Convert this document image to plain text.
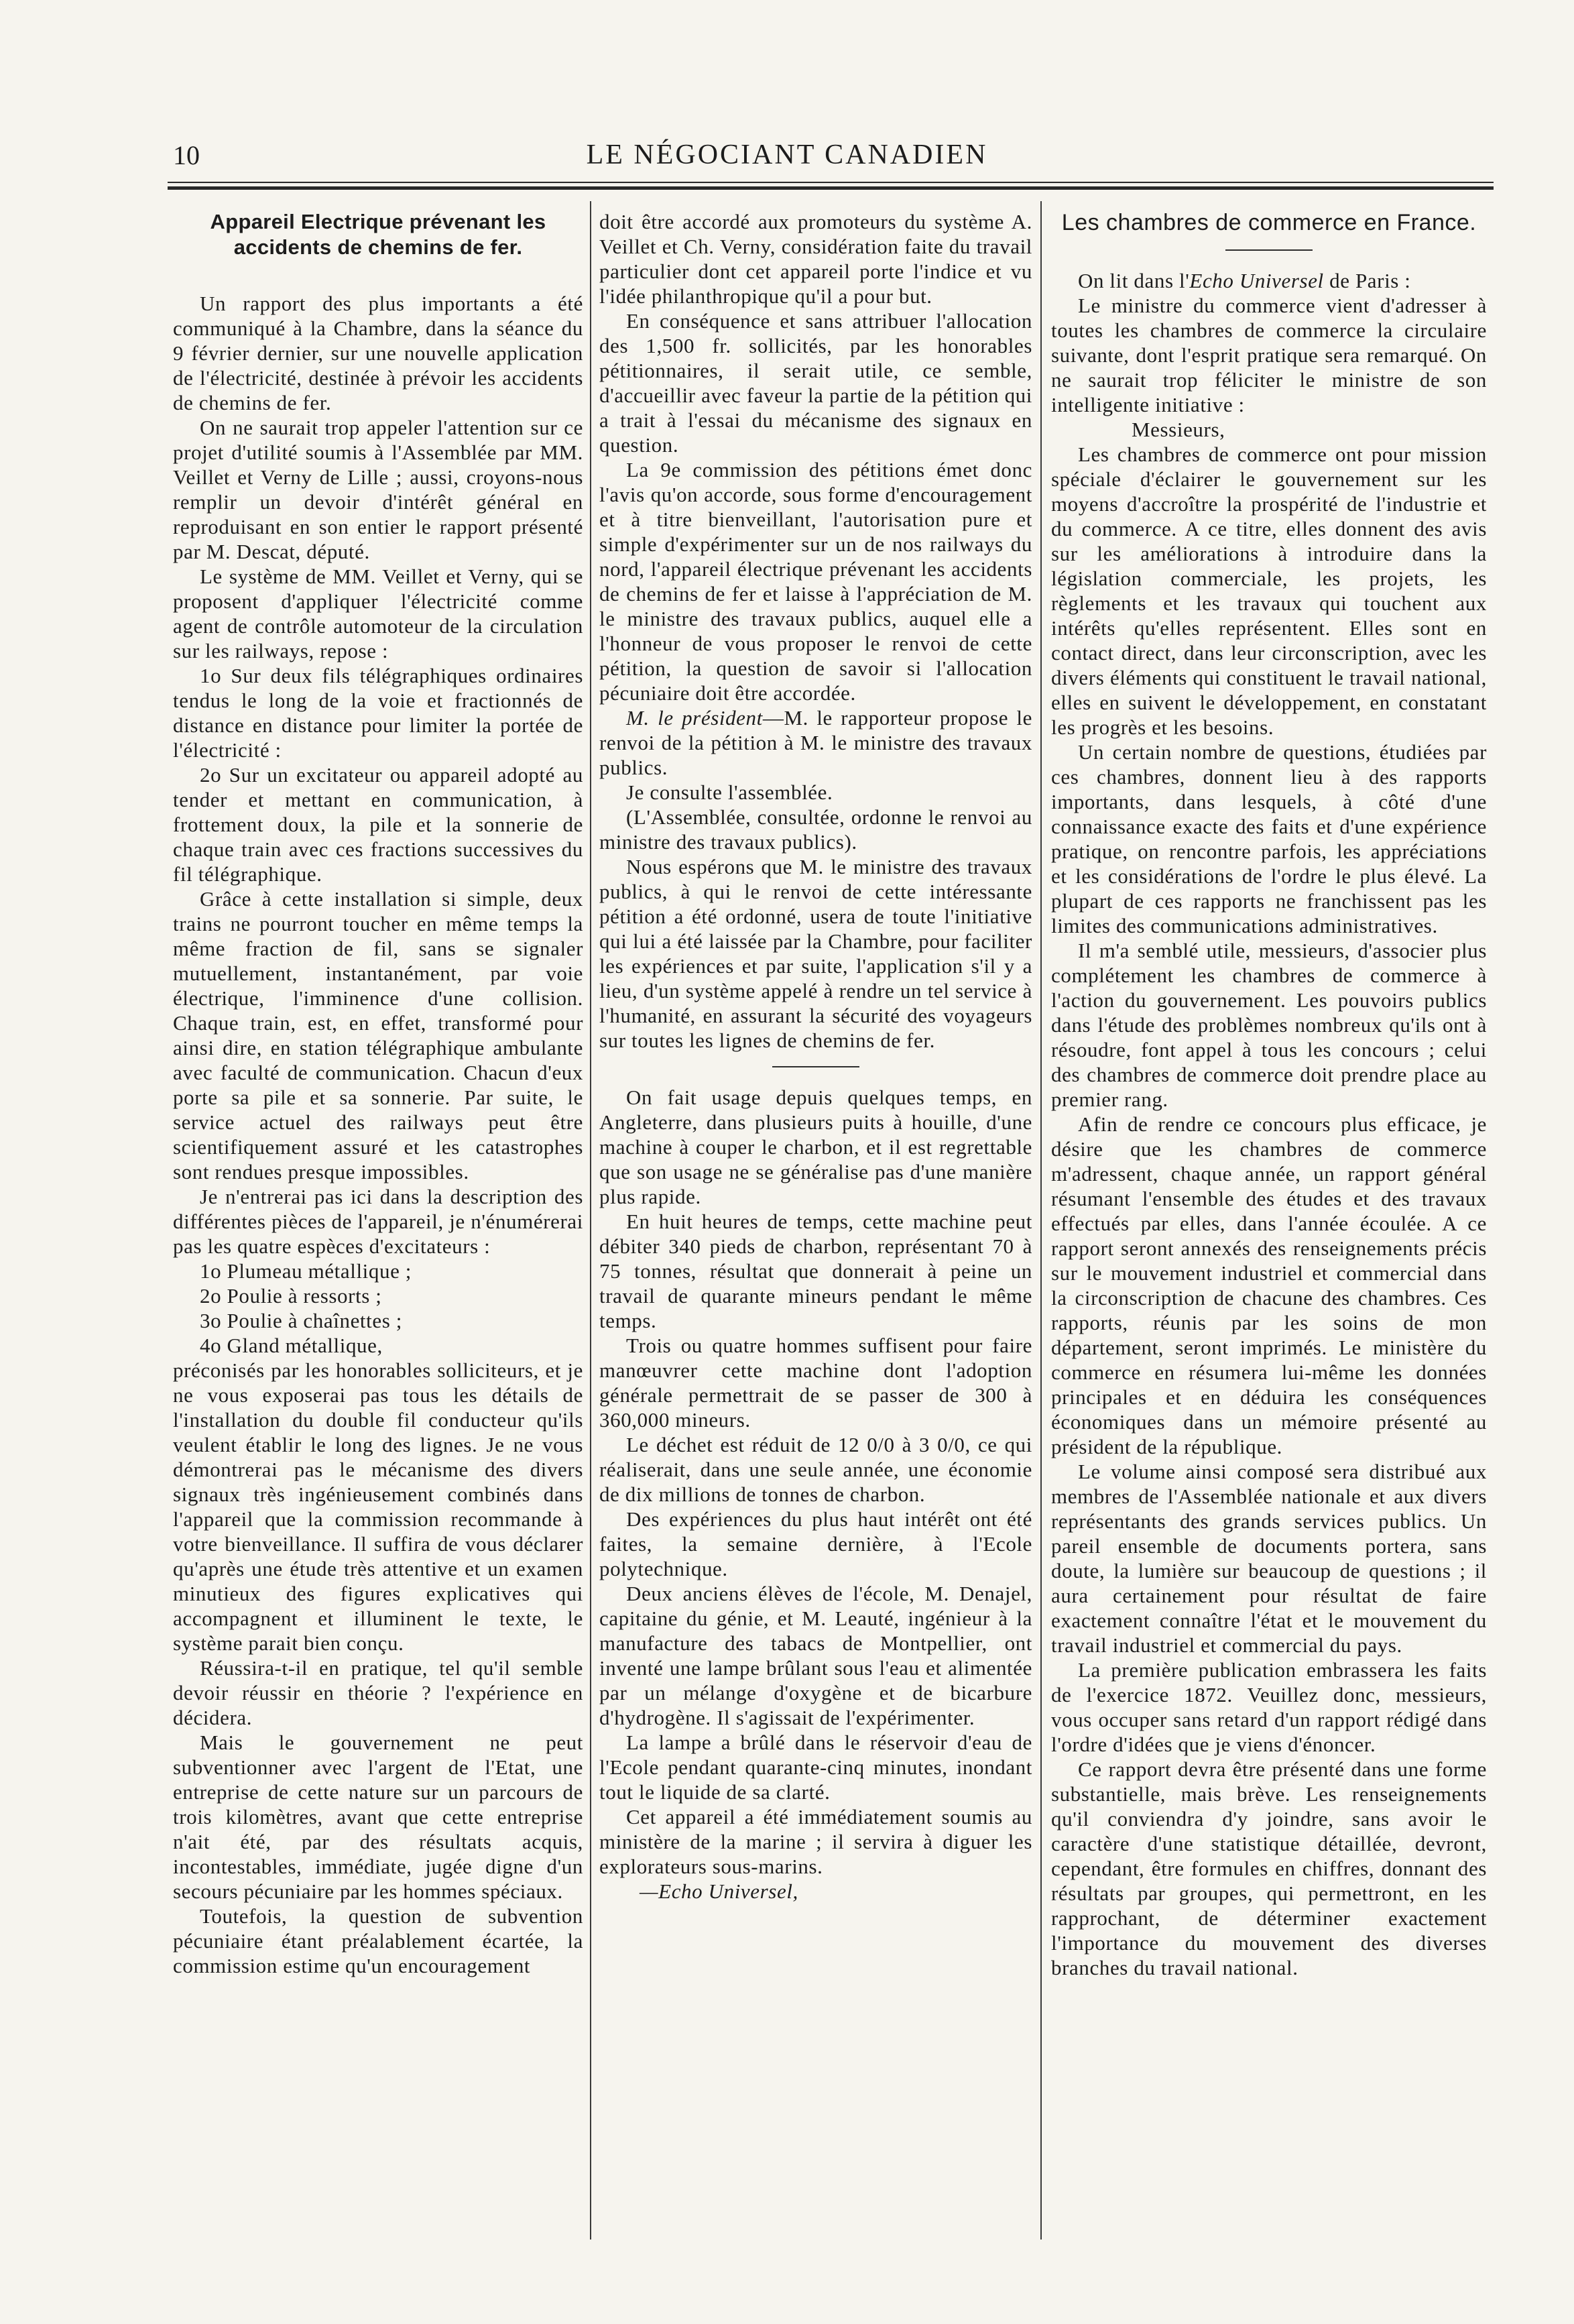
10	LE NÉGOCIANT CANADIEN
Appareil Electrique prévenant les accidents de chemins de fer.

Un rapport des plus importants a été communiqué à la Chambre, dans la séance du 9 février dernier, sur une nouvelle application de l'électricité, destinée à prévoir les accidents de chemins de fer.

On ne saurait trop appeler l'attention sur ce projet d'utilité soumis à l'Assemblée par MM. Veillet et Verny de Lille ; aussi, croyons-nous remplir un devoir d'intérêt général en reproduisant en son entier le rapport présenté par M. Descat, député.

Le système de MM. Veillet et Verny, qui se proposent d'appliquer l'électricité comme agent de contrôle automoteur de la circulation sur les railways, repose :

1o Sur deux fils télégraphiques ordinaires tendus le long de la voie et fractionnés de distance en distance pour limiter la portée de l'électricité :

2o Sur un excitateur ou appareil adopté au tender et mettant en communication, à frottement doux, la pile et la sonnerie de chaque train avec ces fractions successives du fil télégraphique.

Grâce à cette installation si simple, deux trains ne pourront toucher en même temps la même fraction de fil, sans se signaler mutuellement, instantanément, par voie électrique, l'imminence d'une collision. Chaque train, est, en effet, transformé pour ainsi dire, en station télégraphique ambulante avec faculté de communication. Chacun d'eux porte sa pile et sa sonnerie. Par suite, le service actuel des railways peut être scientifiquement assuré et les catastrophes sont rendues presque impossibles.

Je n'entrerai pas ici dans la description des différentes pièces de l'appareil, je n'énumérerai pas les quatre espèces d'excitateurs :

1o Plumeau métallique ;

2o Poulie à ressorts ;

3o Poulie à chaînettes ;

4o Gland métallique,

préconisés par les honorables solliciteurs, et je ne vous exposerai pas tous les détails de l'installation du double fil conducteur qu'ils veulent établir le long des lignes. Je ne vous démontrerai pas le mécanisme des divers signaux très ingénieusement combinés dans l'appareil que la commission recommande à votre bienveillance. Il suffira de vous déclarer qu'après une étude très attentive et un examen minutieux des figures explicatives qui accompagnent et illuminent le texte, le système parait bien conçu.

Réussira-t-il en pratique, tel qu'il semble devoir réussir en théorie ? l'expérience en décidera.

Mais le gouvernement ne peut subventionner avec l'argent de l'Etat, une entreprise de cette nature sur un parcours de trois kilomètres, avant que cette entreprise n'ait été, par des résultats acquis, incontestables, immédiate, jugée digne d'un secours pécuniaire par les hommes spéciaux.

Toutefois, la question de subvention pécuniaire étant préalablement écartée, la commission estime qu'un encouragement

doit être accordé aux promoteurs du système A. Veillet et Ch. Verny, considération faite du travail particulier dont cet appareil porte l'indice et vu l'idée philanthropique qu'il a pour but.

En conséquence et sans attribuer l'allocation des 1,500 fr. sollicités, par les honorables pétitionnaires, il serait utile, ce semble, d'accueillir avec faveur la partie de la pétition qui a trait à l'essai du mécanisme des signaux en question.

La 9e commission des pétitions émet donc l'avis qu'on accorde, sous forme d'encouragement et à titre bienveillant, l'autorisation pure et simple d'expérimenter sur un de nos railways du nord, l'appareil électrique prévenant les accidents de chemins de fer et laisse à l'appréciation de M. le ministre des travaux publics, auquel elle a l'honneur de vous proposer le renvoi de cette pétition, la question de savoir si l'allocation pécuniaire doit être accordée.

M. le président—M. le rapporteur propose le renvoi de la pétition à M. le ministre des travaux publics.

Je consulte l'assemblée.

(L'Assemblée, consultée, ordonne le renvoi au ministre des travaux publics).

Nous espérons que M. le ministre des travaux publics, à qui le renvoi de cette intéressante pétition a été ordonné, usera de toute l'initiative qui lui a été laissée par la Chambre, pour faciliter les expériences et par suite, l'application s'il y a lieu, d'un système appelé à rendre un tel service à l'humanité, en assurant la sécurité des voyageurs sur toutes les lignes de chemins de fer.

On fait usage depuis quelques temps, en Angleterre, dans plusieurs puits à houille, d'une machine à couper le charbon, et il est regrettable que son usage ne se généralise pas d'une manière plus rapide.

En huit heures de temps, cette machine peut débiter 340 pieds de charbon, représentant 70 à 75 tonnes, résultat que donnerait à peine un travail de quarante mineurs pendant le même temps.

Trois ou quatre hommes suffisent pour faire manœuvrer cette machine dont l'adoption générale permettrait de se passer de 300 à 360,000 mineurs.

Le déchet est réduit de 12 0/0 à 3 0/0, ce qui réaliserait, dans une seule année, une économie de dix millions de tonnes de charbon.

Des expériences du plus haut intérêt ont été faites, la semaine dernière, à l'Ecole polytechnique.

Deux anciens élèves de l'école, M. Denajel, capitaine du génie, et M. Leauté, ingénieur à la manufacture des tabacs de Montpellier, ont inventé une lampe brûlant sous l'eau et alimentée par un mélange d'oxygène et de bicarbure d'hydrogène. Il s'agissait de l'expérimenter.

La lampe a brûlé dans le réservoir d'eau de l'Ecole pendant quarante-cinq minutes, inondant tout le liquide de sa clarté.

Cet appareil a été immédiatement soumis au ministère de la marine ; il servira à diguer les explorateurs sous-marins.

—Echo Universel,

Les chambres de commerce en France.

On lit dans l'Echo Universel de Paris :

Le ministre du commerce vient d'adresser à toutes les chambres de commerce la circulaire suivante, dont l'esprit pratique sera remarqué. On ne saurait trop féliciter le ministre de son intelligente initiative :

Messieurs,

Les chambres de commerce ont pour mission spéciale d'éclairer le gouvernement sur les moyens d'accroître la prospérité de l'industrie et du commerce. A ce titre, elles donnent des avis sur les améliorations à introduire dans la législation commerciale, les projets, les règlements et les travaux qui touchent aux intérêts qu'elles représentent. Elles sont en contact direct, dans leur circonscription, avec les divers éléments qui constituent le travail national, elles en suivent le développement, en constatant les progrès et les besoins.

Un certain nombre de questions, étudiées par ces chambres, donnent lieu à des rapports importants, dans lesquels, à côté d'une connaissance exacte des faits et d'une expérience pratique, on rencontre parfois, les appréciations et les considérations de l'ordre le plus élevé. La plupart de ces rapports ne franchissent pas les limites des communications administratives.

Il m'a semblé utile, messieurs, d'associer plus complétement les chambres de commerce à l'action du gouvernement. Les pouvoirs publics dans l'étude des problèmes nombreux qu'ils ont à résoudre, font appel à tous les concours ; celui des chambres de commerce doit prendre place au premier rang.

Afin de rendre ce concours plus efficace, je désire que les chambres de commerce m'adressent, chaque année, un rapport général résumant l'ensemble des études et des travaux effectués par elles, dans l'année écoulée. A ce rapport seront annexés des renseignements précis sur le mouvement industriel et commercial dans la circonscription de chacune des chambres. Ces rapports, réunis par les soins de mon département, seront imprimés. Le ministère du commerce en résumera lui-même les données principales et en déduira les conséquences économiques dans un mémoire présenté au président de la république.

Le volume ainsi composé sera distribué aux membres de l'Assemblée nationale et aux divers représentants des grands services publics. Un pareil ensemble de documents portera, sans doute, la lumière sur beaucoup de questions ; il aura certainement pour résultat de faire exactement connaître l'état et le mouvement du travail industriel et commercial du pays.

La première publication embrassera les faits de l'exercice 1872. Veuillez donc, messieurs, vous occuper sans retard d'un rapport rédigé dans l'ordre d'idées que je viens d'énoncer.

Ce rapport devra être présenté dans une forme substantielle, mais brève. Les renseignements qu'il conviendra d'y joindre, sans avoir le caractère d'une statistique détaillée, devront, cependant, être formules en chiffres, donnant des résultats par groupes, qui permettront, en les rapprochant, de déterminer exactement l'importance du mouvement des diverses branches du travail national.
